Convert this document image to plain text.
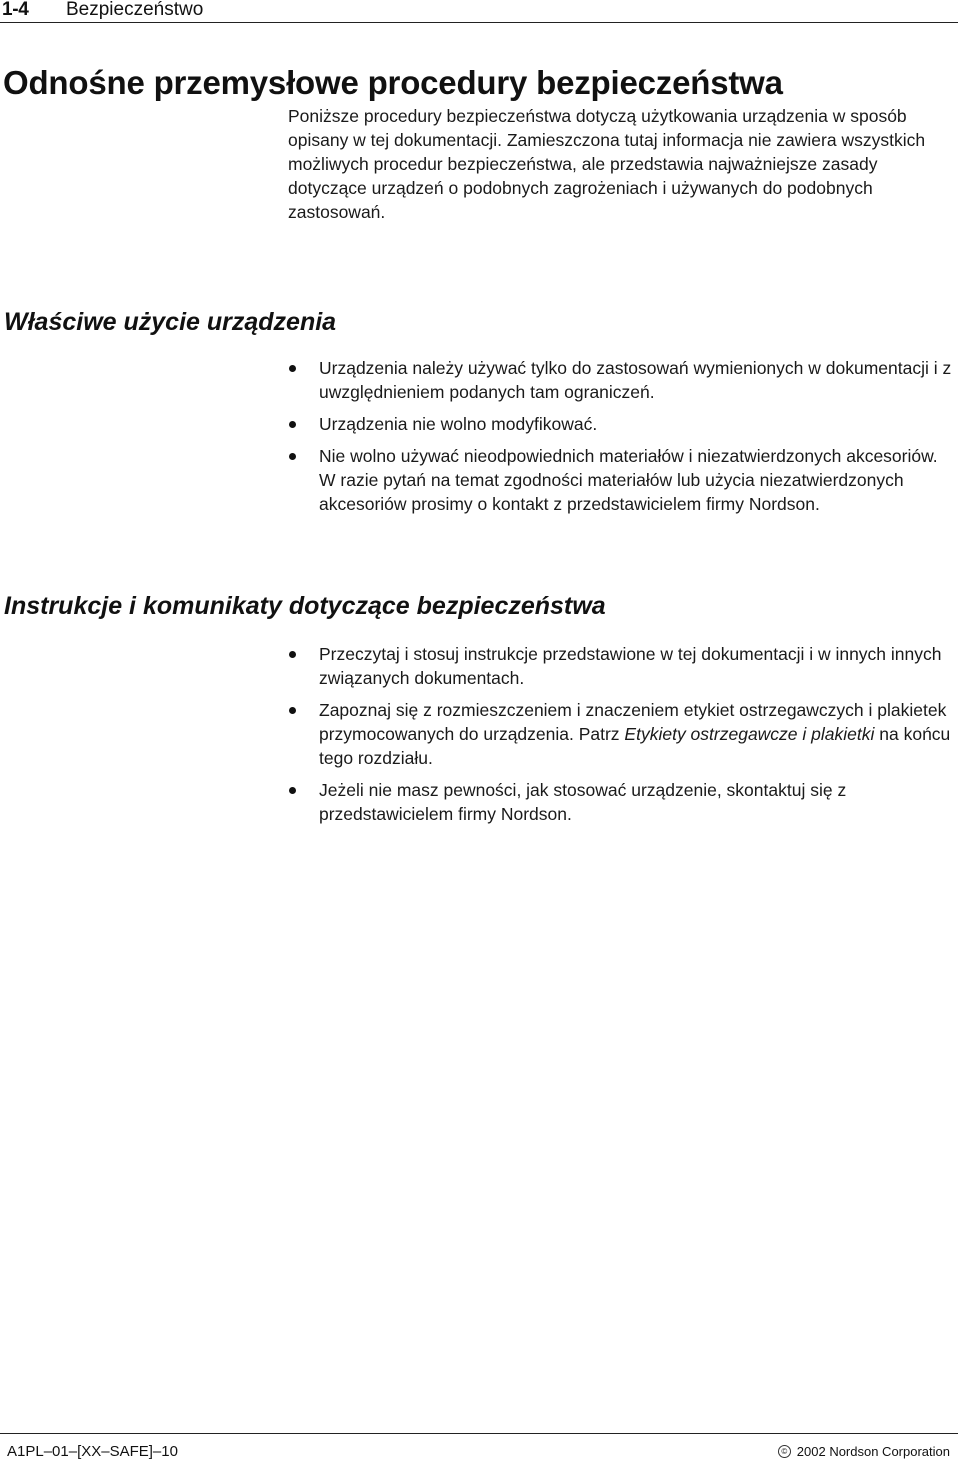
1-4 Bezpieczeństwo
Odnośne przemysłowe procedury bezpieczeństwa

Poniższe procedury bezpieczeństwa dotyczą użytkowania urządzenia w sposób opisany w tej dokumentacji. Zamieszczona tutaj informacja nie zawiera wszystkich możliwych procedur bezpieczeństwa, ale przedstawia najważniejsze zasady dotyczące urządzeń o podobnych zagrożeniach i używanych do podobnych zastosowań.

Właściwe użycie urządzenia
Urządzenia należy używać tylko do zastosowań wymienionych w dokumentacji i z uwzględnieniem podanych tam ograniczeń.
Urządzenia nie wolno modyfikować.
Nie wolno używać nieodpowiednich materiałów i niezatwierdzonych akcesoriów. W razie pytań na temat zgodności materiałów lub użycia niezatwierdzonych akcesoriów prosimy o kontakt z przedstawicielem firmy Nordson.
Instrukcje i komunikaty dotyczące bezpieczeństwa
Przeczytaj i stosuj instrukcje przedstawione w tej dokumentacji i w innych innych związanych dokumentach.
Zapoznaj się z rozmieszczeniem i znaczeniem etykiet ostrzegawczych i plakietek przymocowanych do urządzenia. Patrz Etykiety ostrzegawcze i plakietki na końcu tego rozdziału.
Jeżeli nie masz pewności, jak stosować urządzenie, skontaktuj się z przedstawicielem firmy Nordson.
A1PL–01–[XX–SAFE]–10	© 2002 Nordson Corporation
